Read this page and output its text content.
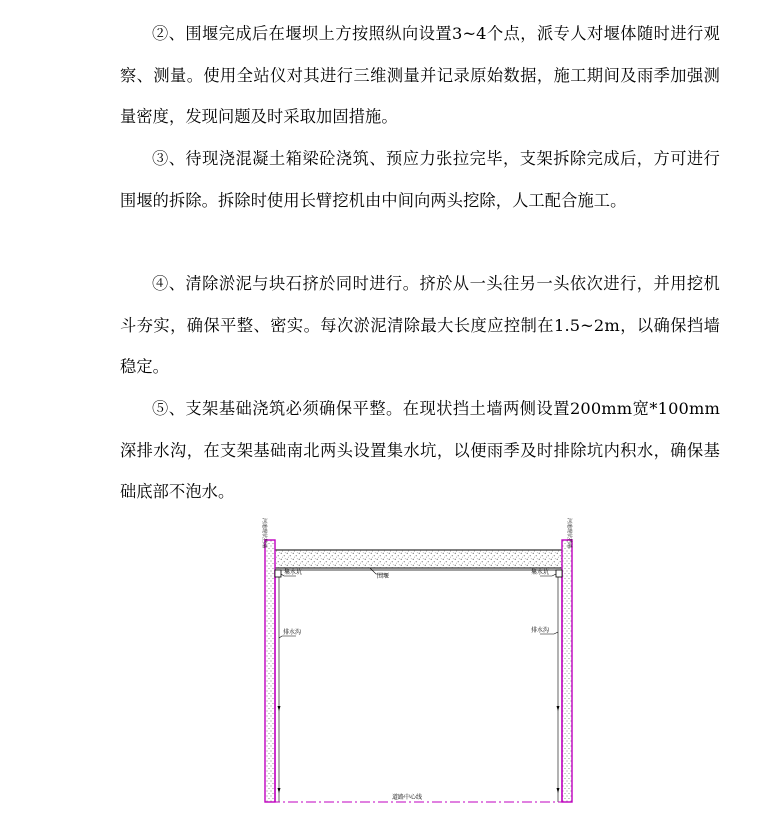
②、围堰完成后在堰坝上方按照纵向设置3~4个点，派专人对堰体随时进行观察、测量。使用全站仪对其进行三维测量并记录原始数据，施工期间及雨季加强测量密度，发现问题及时采取加固措施。

③、待现浇混凝土箱梁砼浇筑、预应力张拉完毕，支架拆除完成后，方可进行围堰的拆除。拆除时使用长臂挖机由中间向两头挖除，人工配合施工。

④、清除淤泥与块石挤於同时进行。挤於从一头往另一头依次进行，并用挖机斗夯实，确保平整、密实。每次淤泥清除最大长度应控制在1.5~2m，以确保挡墙稳定。

⑤、支架基础浇筑必须确保平整。在现状挡土墙两侧设置200mm宽*100mm深排水沟，在支架基础南北两头设置集水坑，以便雨季及时排除坑内积水，确保基础底部不泡水。

河道现状挡墙	河道现状挡墙
围堰
集水坑	集水坑
排水沟	排水沟
道路中心线
